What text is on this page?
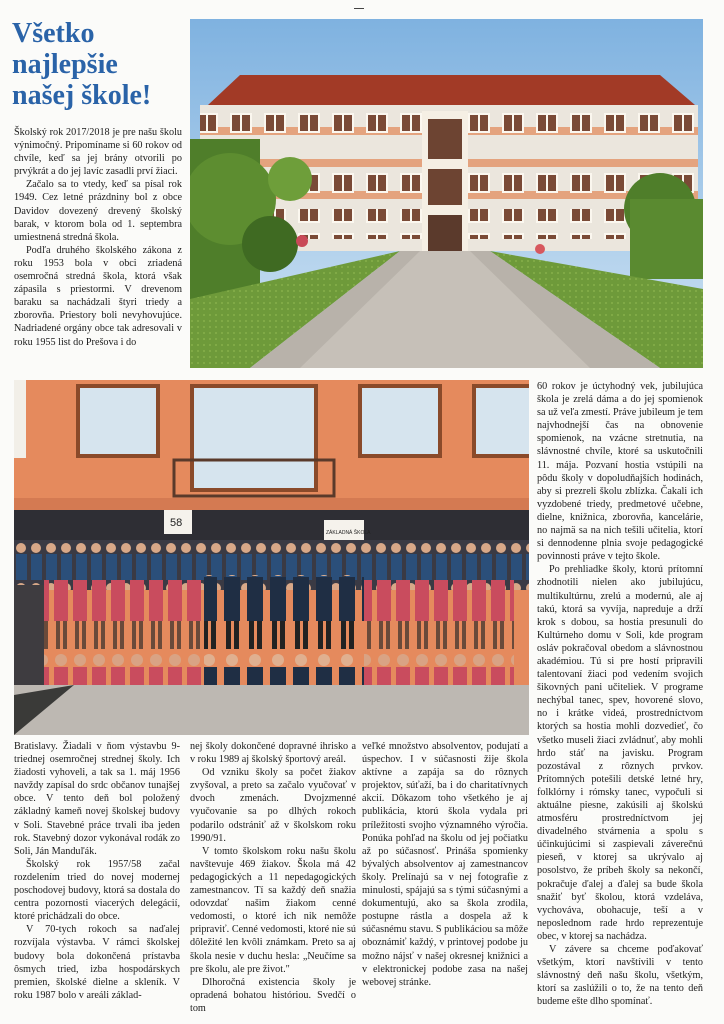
Všetko najlepšie našej škole!

Školský rok 2017/2018 je pre našu školu výnimočný. Pripomíname si 60 rokov od chvíle, keď sa jej brány otvorili po prvýkrát a do jej lavíc zasadli prví žiaci.

Začalo sa to vtedy, keď sa písal rok 1949. Cez letné prázdniny bol z obce Davidov dovezený drevený školský barak, v ktorom bola od 1. septembra umiestnená stredná škola.

Podľa druhého školského zákona z roku 1953 bola v obci zriadená osemročná stredná škola, ktorá však zápasila s priestormi. V drevenom baraku sa nachádzali štyri triedy a zborovňa. Priestory boli nevyhovujúce. Nadriadené orgány obce tak adresovali v roku 1955 list do Prešova i do

58
ZÁKLADNÁ ŠKOLA

60 rokov je úctyhodný vek, jubilujúca škola je zrelá dáma a do jej spomienok sa už veľa zmestí. Práve jubileum je tem najvhodnejší čas na obnovenie spomienok, na vzácne stretnutia, na slávnostné chvíle, ktoré sa uskutočnili 11. mája. Pozvaní hostia vstúpili na pôdu školy v dopoludňajších hodinách, aby si prezreli školu zblízka. Čakali ich vyzdobené triedy, predmetové učebne, dielne, knižnica, zborovňa, kancelárie, no najmä sa na nich tešili učitelia, ktorí si dennodenne plnia svoje pedagogické povinnosti práve v tejto škole.

Po prehliadke školy, ktorú prítomní zhodnotili nielen ako jubilujúcu, multikultúrnu, zrelú a modernú, ale aj takú, ktorá sa vyvíja, napreduje a drží krok s dobou, sa hostia presunuli do Kultúrneho domu v Soli, kde program osláv pokračoval obedom a slávnostnou akadémiou. Tú si pre hostí pripravili talentovaní žiaci pod vedením svojich šikovných pani učiteliek. V programe nechýbal tanec, spev, hovorené slovo, no i krátke videá, prostredníctvom ktorých sa hostia mohli dozvedieť, čo všetko museli žiaci zvládnuť, aby mohli hrdo stáť na javisku. Program pozostával z rôznych prvkov. Prítomných potešili detské letné hry, folklórny i rómsky tanec, vypočuli si aktuálne piesne, zakúsili aj školskú atmosféru prostredníctvom jej divadelného stvárnenia a spolu s účinkujúcimi si zaspievali záverečnú pieseň, v ktorej sa ukrývalo aj posolstvo, že príbeh školy sa nekončí, pokračuje ďalej a ďalej sa bude škola snažiť byť školou, ktorá vzdeláva, vychováva, obohacuje, teší a v neposlednom rade hrdo reprezentuje obec, v ktorej sa nachádza.

V závere sa chceme poďakovať všetkým, ktorí navštívili v tento slávnostný deň našu školu, všetkým, ktorí sa zaslúžili o to, že na tento deň budeme ešte dlho spomínať.

Bratislavy. Žiadali v ňom výstavbu 9-triednej osemročnej strednej školy. Ich žiadosti vyhoveli, a tak sa 1. máj 1956 navždy zapísal do srdc občanov tunajšej obce. V tento deň bol položený základný kameň novej školskej budovy v Soli. Stavebné práce trvali iba jeden rok. Stavebný dozor vykonával rodák zo Soli, Ján Manduľák.

Školský rok 1957/58 začal rozdelením tried do novej modernej poschodovej budovy, ktorá sa dostala do centra pozornosti viacerých delegácií, ktoré prichádzali do obce.

V 70-tych rokoch sa naďalej rozvíjala výstavba. V rámci školskej budovy bola dokončená prístavba ôsmych tried, izba hospodárskych premien, školské dielne a skleník. V roku 1987 bolo v areáli základ-

nej školy dokončené dopravné ihrisko a v roku 1989 aj školský športový areál.

Od vzniku školy sa počet žiakov zvyšoval, a preto sa začalo vyučovať v dvoch zmenách. Dvojzmenné vyučovanie sa po dlhých rokoch podarilo odstrániť až v školskom roku 1990/91.

V tomto školskom roku našu školu navštevuje 469 žiakov. Škola má 42 pedagogických a 11 nepedagogických zamestnancov. Tí sa každý deň snažia odovzdať našim žiakom cenné vedomosti, o ktoré ich nik nemôže pripraviť. Cenné vedomosti, ktoré nie sú dôležité len kvôli známkam. Preto sa aj škola nesie v duchu hesla: „Neučíme sa pre školu, ale pre život."

Dlhoročná existencia školy je opradená bohatou históriou. Svedčí o tom

veľké množstvo absolventov, podujatí a úspechov. I v súčasnosti žije škola aktívne a zapája sa do rôznych projektov, súťaží, ba i do charitatívnych akcií. Dôkazom toho všetkého je aj publikácia, ktorú škola vydala pri príležitosti svojho významného výročia. Ponúka pohľad na školu od jej počiatku až po súčasnosť. Prináša spomienky bývalých absolventov aj zamestnancov školy. Prelínajú sa v nej fotografie z minulosti, spájajú sa s tými súčasnými a dokumentujú, ako sa škola zrodila, postupne rástla a dospela až k súčasnému stavu. S publikáciou sa môže oboznámiť každý, v printovej podobe ju možno nájsť v našej okresnej knižnici a v elektronickej podobe zasa na našej webovej stránke.
